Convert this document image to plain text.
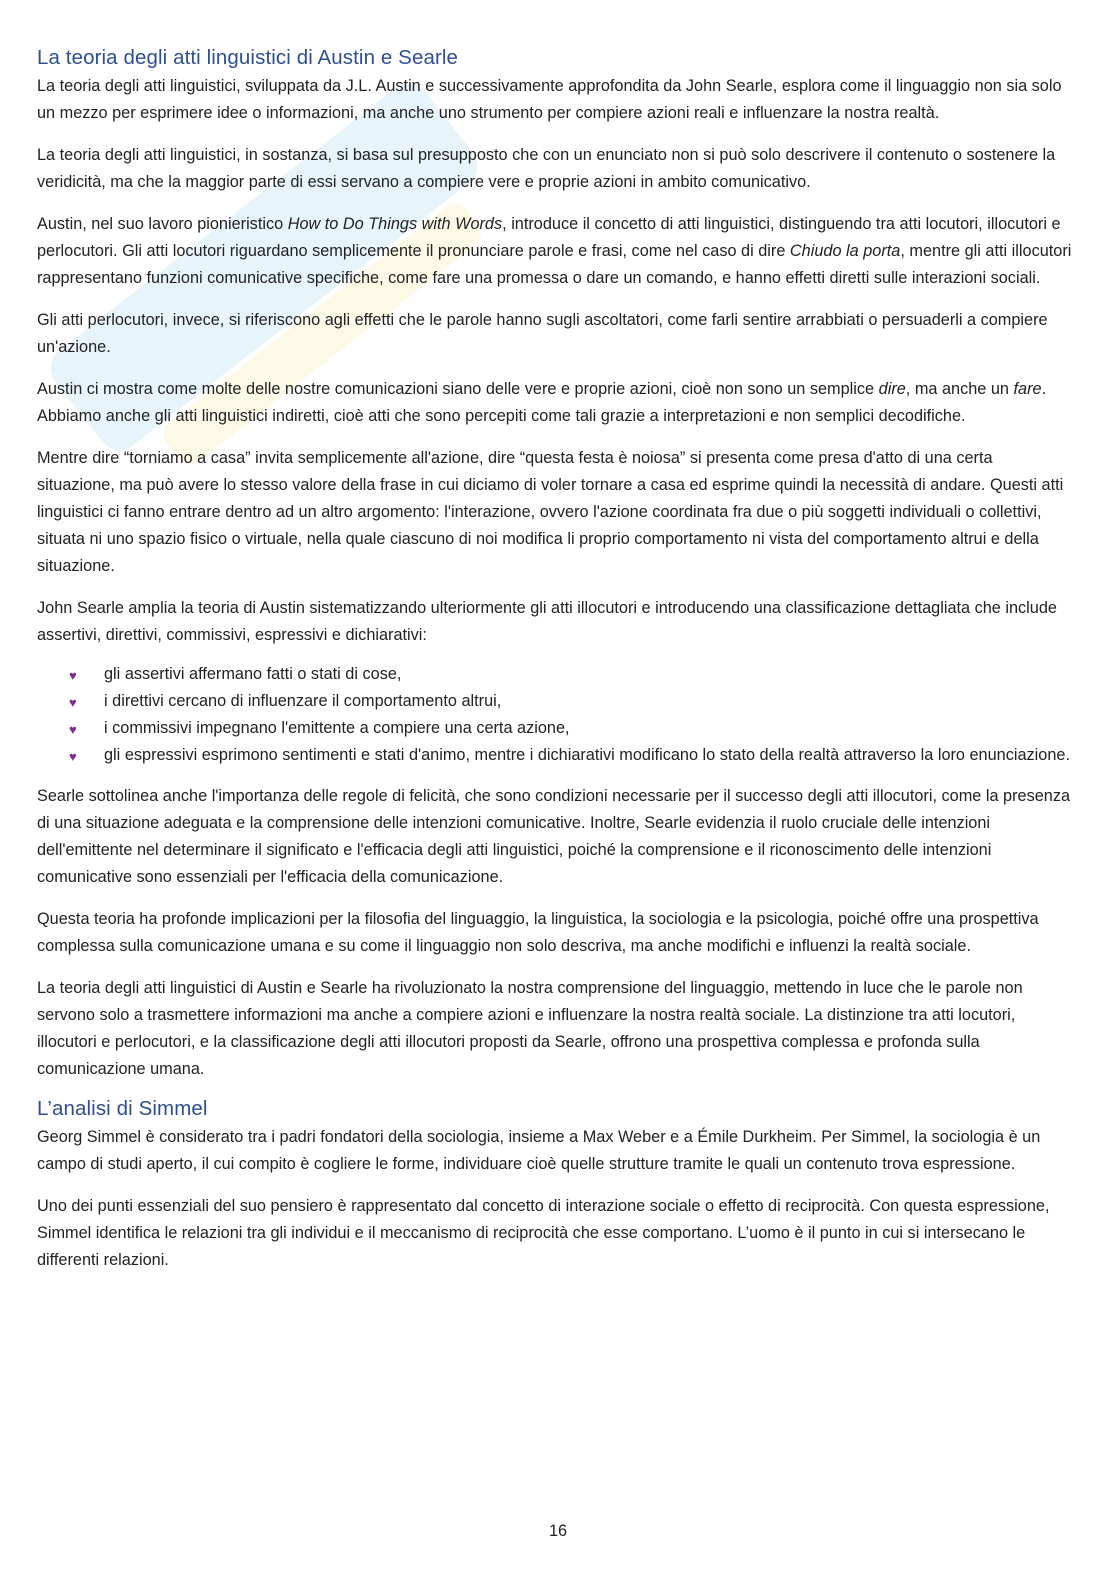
La teoria degli atti linguistici di Austin e Searle

La teoria degli atti linguistici, sviluppata da J.L. Austin e successivamente approfondita da John Searle, esplora come il linguaggio non sia solo un mezzo per esprimere idee o informazioni, ma anche uno strumento per compiere azioni reali e influenzare la nostra realtà.

La teoria degli atti linguistici, in sostanza, si basa sul presupposto che con un enunciato non si può solo descrivere il contenuto o sostenere la veridicità, ma che la maggior parte di essi servano a compiere vere e proprie azioni in ambito comunicativo.

Austin, nel suo lavoro pionieristico How to Do Things with Words, introduce il concetto di atti linguistici, distinguendo tra atti locutori, illocutori e perlocutori. Gli atti locutori riguardano semplicemente il pronunciare parole e frasi, come nel caso di dire Chiudo la porta, mentre gli atti illocutori rappresentano funzioni comunicative specifiche, come fare una promessa o dare un comando, e hanno effetti diretti sulle interazioni sociali.

Gli atti perlocutori, invece, si riferiscono agli effetti che le parole hanno sugli ascoltatori, come farli sentire arrabbiati o persuaderli a compiere un'azione.

Austin ci mostra come molte delle nostre comunicazioni siano delle vere e proprie azioni, cioè non sono un semplice dire, ma anche un fare. Abbiamo anche gli atti linguistici indiretti, cioè atti che sono percepiti come tali grazie a interpretazioni e non semplici decodifiche.

Mentre dire “torniamo a casa” invita semplicemente all'azione, dire “questa festa è noiosa” si presenta come presa d'atto di una certa situazione, ma può avere lo stesso valore della frase in cui diciamo di voler tornare a casa ed esprime quindi la necessità di andare. Questi atti linguistici ci fanno entrare dentro ad un altro argomento: l'interazione, ovvero l'azione coordinata fra due o più soggetti individuali o collettivi, situata ni uno spazio fisico o virtuale, nella quale ciascuno di noi modifica li proprio comportamento ni vista del comportamento altrui e della situazione.

John Searle amplia la teoria di Austin sistematizzando ulteriormente gli atti illocutori e introducendo una classificazione dettagliata che include assertivi, direttivi, commissivi, espressivi e dichiarativi:

♥ gli assertivi affermano fatti o stati di cose,
♥ i direttivi cercano di influenzare il comportamento altrui,
♥ i commissivi impegnano l'emittente a compiere una certa azione,
♥ gli espressivi esprimono sentimenti e stati d'animo, mentre i dichiarativi modificano lo stato della realtà attraverso la loro enunciazione.

Searle sottolinea anche l'importanza delle regole di felicità, che sono condizioni necessarie per il successo degli atti illocutori, come la presenza di una situazione adeguata e la comprensione delle intenzioni comunicative. Inoltre, Searle evidenzia il ruolo cruciale delle intenzioni dell'emittente nel determinare il significato e l'efficacia degli atti linguistici, poiché la comprensione e il riconoscimento delle intenzioni comunicative sono essenziali per l'efficacia della comunicazione.

Questa teoria ha profonde implicazioni per la filosofia del linguaggio, la linguistica, la sociologia e la psicologia, poiché offre una prospettiva complessa sulla comunicazione umana e su come il linguaggio non solo descriva, ma anche modifichi e influenzi la realtà sociale.

La teoria degli atti linguistici di Austin e Searle ha rivoluzionato la nostra comprensione del linguaggio, mettendo in luce che le parole non servono solo a trasmettere informazioni ma anche a compiere azioni e influenzare la nostra realtà sociale. La distinzione tra atti locutori, illocutori e perlocutori, e la classificazione degli atti illocutori proposti da Searle, offrono una prospettiva complessa e profonda sulla comunicazione umana.

L’analisi di Simmel

Georg Simmel è considerato tra i padri fondatori della sociologia, insieme a Max Weber e a Émile Durkheim. Per Simmel, la sociologia è un campo di studi aperto, il cui compito è cogliere le forme, individuare cioè quelle strutture tramite le quali un contenuto trova espressione.

Uno dei punti essenziali del suo pensiero è rappresentato dal concetto di interazione sociale o effetto di reciprocità. Con questa espressione, Simmel identifica le relazioni tra gli individui e il meccanismo di reciprocità che esse comportano. L’uomo è il punto in cui si intersecano le differenti relazioni.

16
